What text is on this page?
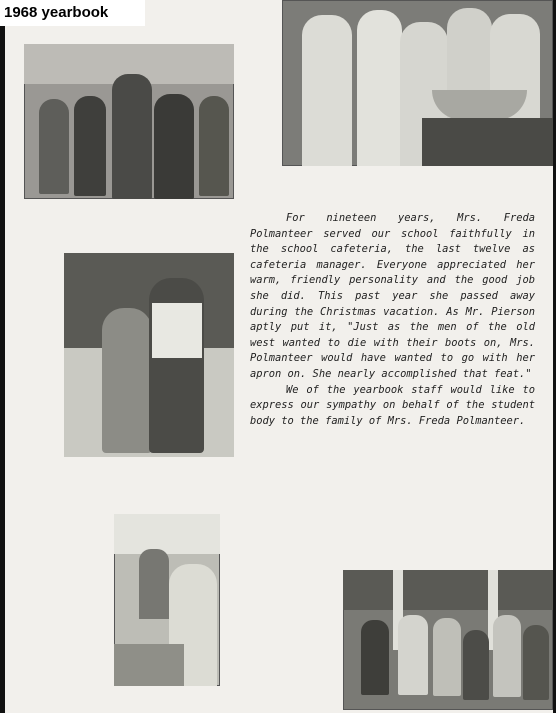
For nineteen years, Mrs. Freda Polmanteer served our school faithfully in the school cafeteria, the last twelve as cafeteria manager. Everyone appreciated her warm, friendly personality and the good job she did. This past year she passed away during the Christmas vacation. As Mr. Pierson aptly put it, "Just as the men of the old west wanted to die with their boots on, Mrs. Polmanteer would have wanted to go with her apron on. She nearly accomplished that feat."

We of the yearbook staff would like to express our sympathy on behalf of the student body to the family of Mrs. Freda Polmanteer.

1968 yearbook
